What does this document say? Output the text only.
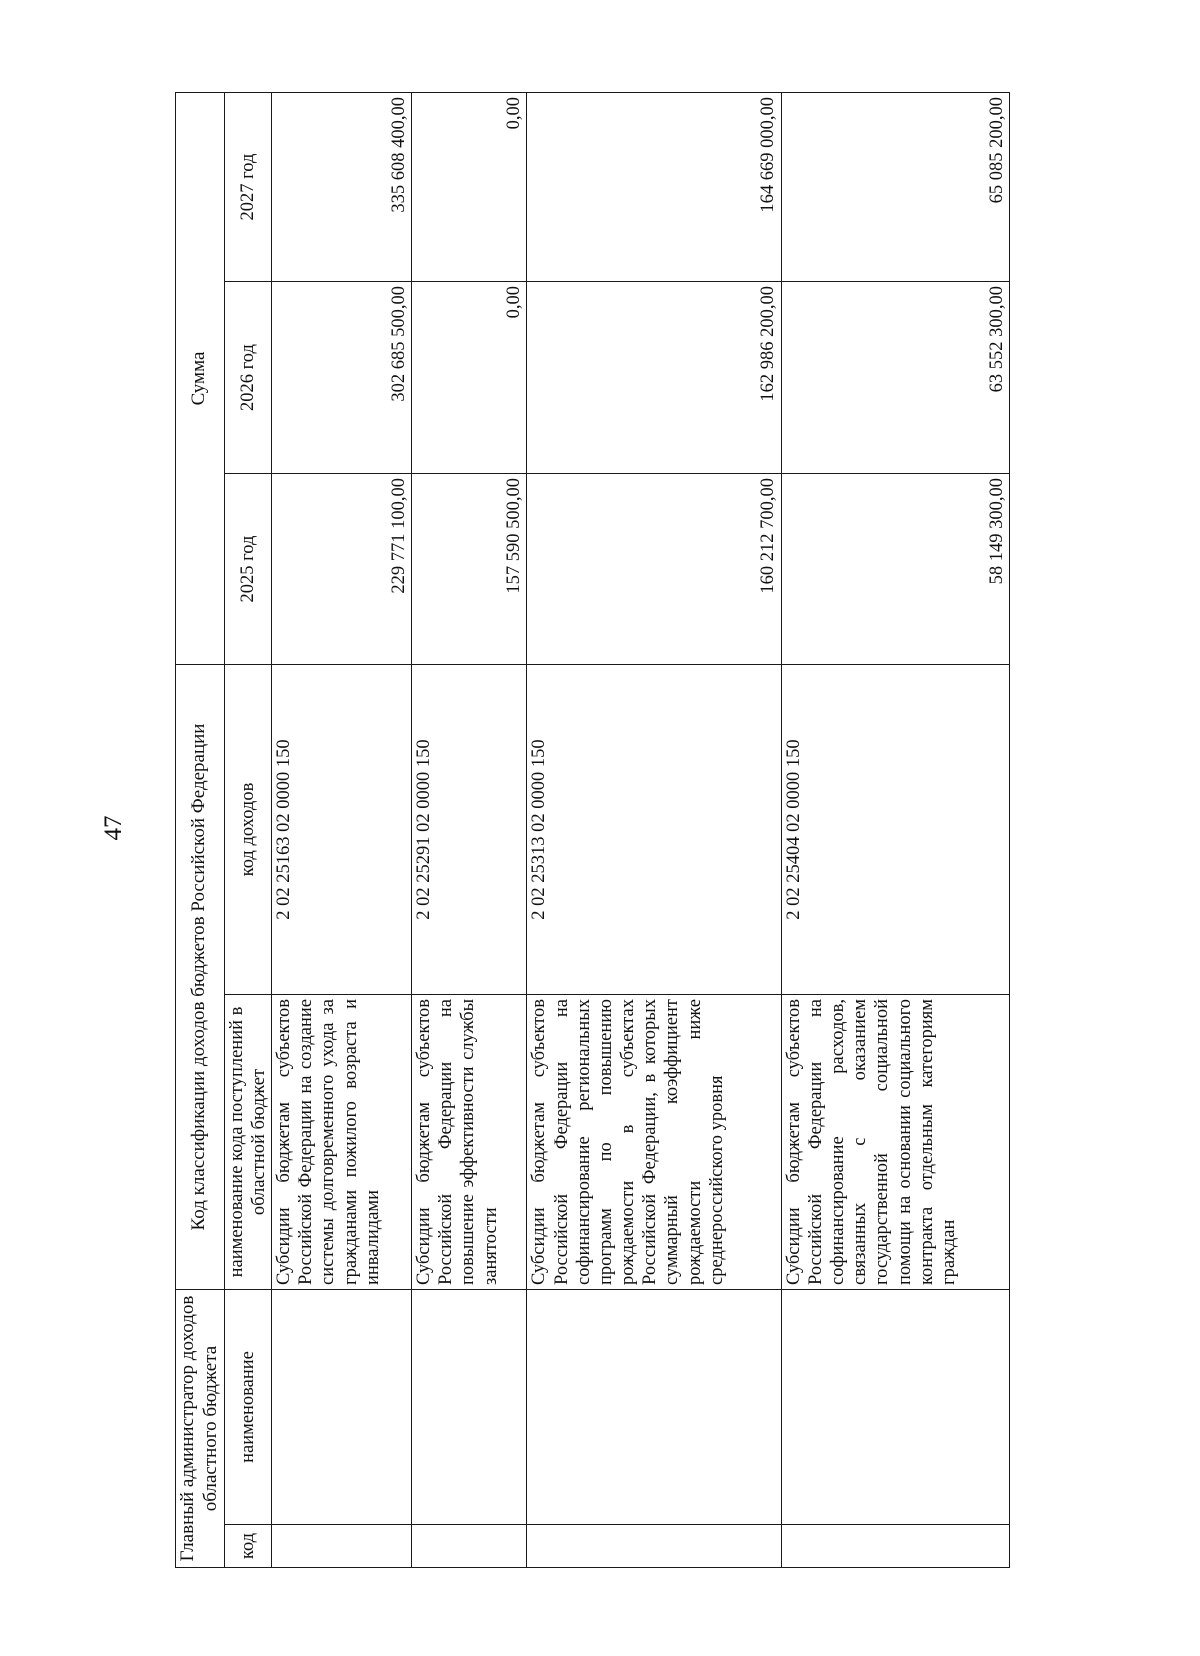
47
Главный администратор доходов областного бюджета		Код классификации доходов бюджетов Российской Федерации		Сумма		
код	наименование	наименование кода поступлений в областной бюджет	код доходов	2025 год	2026 год	2027 год
		Субсидии бюджетам субъектов Российской Федерации на создание системы долговременного ухода за гражданами пожилого возраста и инвалидами	2 02 25163 02 0000 150	229 771 100,00	302 685 500,00	335 608 400,00
		Субсидии бюджетам субъектов Российской Федерации на повышение эффективности службы занятости	2 02 25291 02 0000 150	157 590 500,00	0,00	0,00
		Субсидии бюджетам субъектов Российской Федерации на софинансирование региональных программ по повышению рождаемости в субъектах Российской Федерации, в которых суммарный коэффициент рождаемости ниже среднероссийского уровня	2 02 25313 02 0000 150	160 212 700,00	162 986 200,00	164 669 000,00
		Субсидии бюджетам субъектов Российской Федерации на софинансирование расходов, связанных с оказанием государственной социальной помощи на основании социального контракта отдельным категориям граждан	2 02 25404 02 0000 150	58 149 300,00	63 552 300,00	65 085 200,00
